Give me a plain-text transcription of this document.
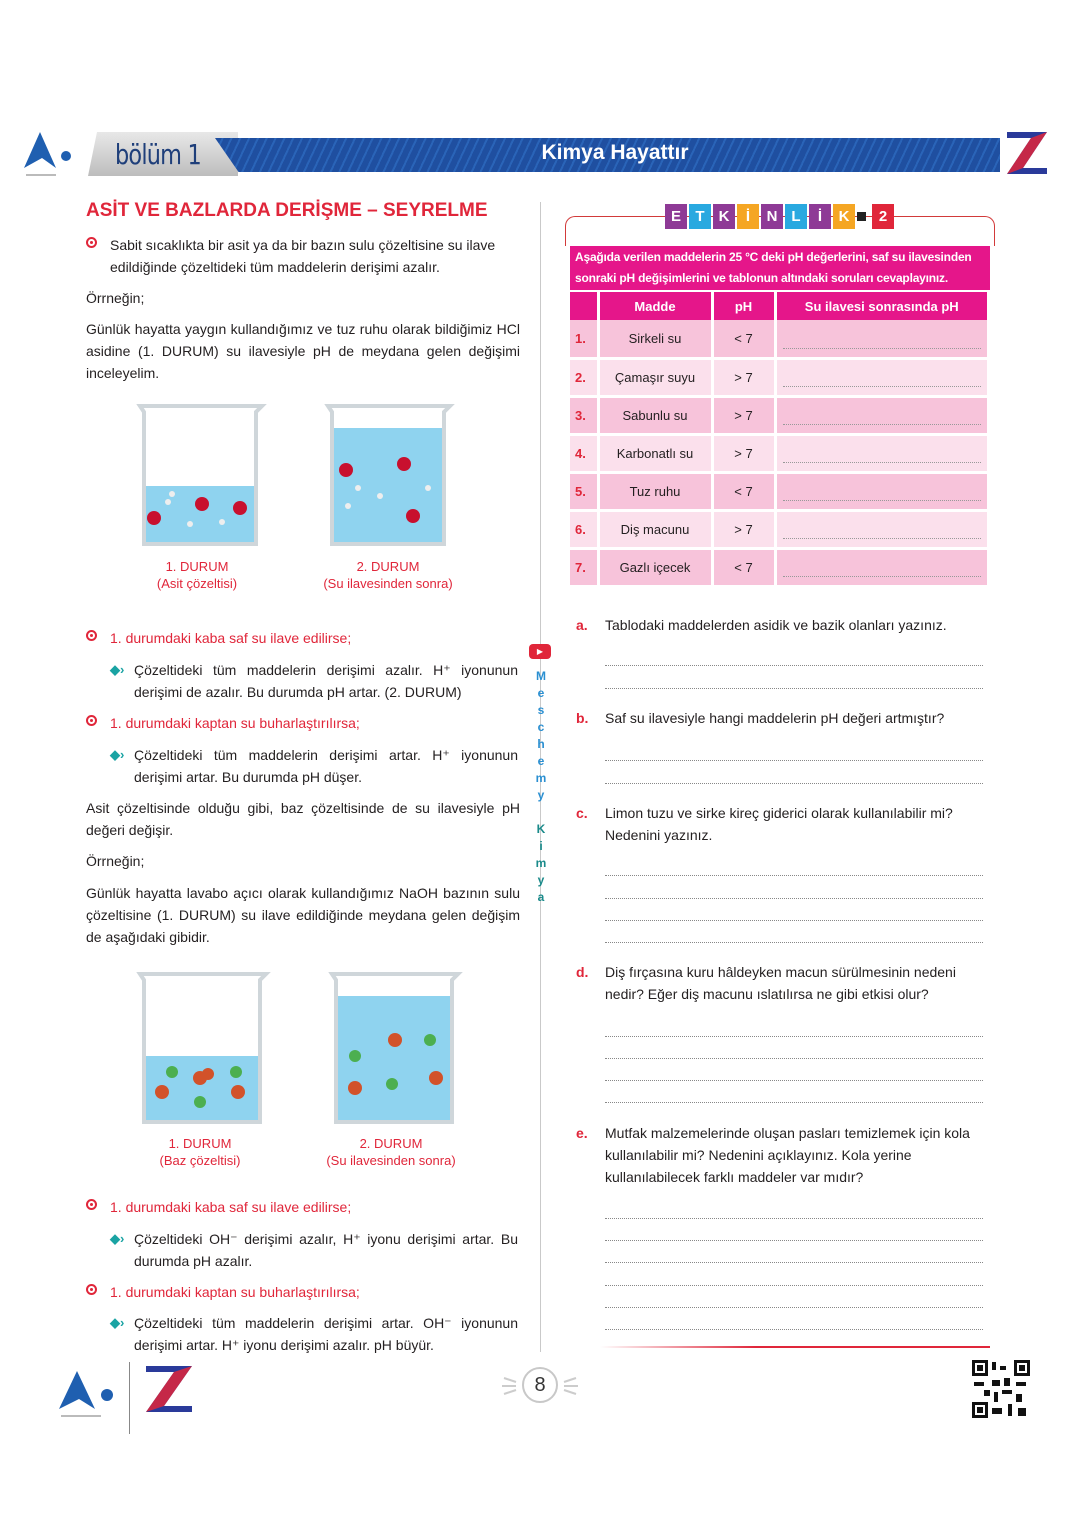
bölüm 1	Kimya Hayattır
ASİT VE BAZLARDA DERİŞME – SEYRELME
Sabit sıcaklıkta bir asit ya da bir bazın sulu çözeltisine su ilave edildiğinde çözeltideki tüm maddelerin derişimi azalır.

Örrneğin;

Günlük hayatta yaygın kullandığımız ve tuz ruhu olarak bildiğimiz HCl asidine (1. DURUM) su ilavesiyle pH de meydana gelen değişimi inceleyelim.

1. DURUM
(Asit çözeltisi)
2. DURUM
(Su ilavesinden sonra)
1. durumdaki kaba saf su ilave edilirse;
◆› Çözeltideki tüm maddelerin derişimi azalır. H⁺ iyonunun derişimi de azalır. Bu durumda pH artar. (2. DURUM)
1. durumdaki kaptan su buharlaştırılırsa;
◆› Çözeltideki tüm maddelerin derişimi artar. H⁺ iyonunun derişimi artar. Bu durumda pH düşer.

Asit çözeltisinde olduğu gibi, baz çözeltisinde de su ilavesiyle pH değeri değişir.

Örrneğin;

Günlük hayatta lavabo açıcı olarak kullandığımız NaOH bazının sulu çözeltisine (1. DURUM) su ilave edildiğinde meydana gelen değişim de aşağıdaki gibidir.

1. DURUM
(Baz çözeltisi)
2. DURUM
(Su ilavesinden sonra)
1. durumdaki kaba saf su ilave edilirse;
◆› Çözeltideki OH⁻ derişimi azalır, H⁺ iyonu derişimi artar. Bu durumda pH azalır.
1. durumdaki kaptan su buharlaştırılırsa;
◆› Çözeltideki tüm maddelerin derişimi artar. OH⁻ iyonunun derişimi artar. H⁺ iyonu derişimi azalır. pH büyür.
▶
M
e
s
c
h
e
m
y
K
i
m
y
a
E T K	İ	N L	İ	K	2
Aşağıda verilen maddelerin 25 °C deki pH değerlerini, saf su ilavesinden sonraki pH değişimlerini ve tablonun altındaki soruları cevaplayınız.
	Madde	pH	Su ilavesi sonrasında pH
1.	Sirkeli su	< 7	

2.	Çamaşır suyu	> 7	

3.	Sabunlu su	> 7	

4.	Karbonatlı su	> 7	

5.	Tuz ruhu	< 7	

6.	Diş macunu	> 7	

7.	Gazlı içecek	< 7	
a. Tablodaki maddelerden asidik ve bazik olanları yazınız.
b. Saf su ilavesiyle hangi maddelerin pH değeri artmıştır?
c. Limon tuzu ve sirke kireç giderici olarak kullanılabilir mi? Nedenini yazınız.
d. Diş fırçasına kuru hâldeyken macun sürülmesinin nedeni nedir? Eğer diş macunu ıslatılırsa ne gibi etkisi olur?
e. Mutfak malzemelerinde oluşan pasları temizlemek için kola kullanılabilir mi? Nedenini açıklayınız. Kola yerine kullanılabilecek farklı maddeler var mıdır?
8
